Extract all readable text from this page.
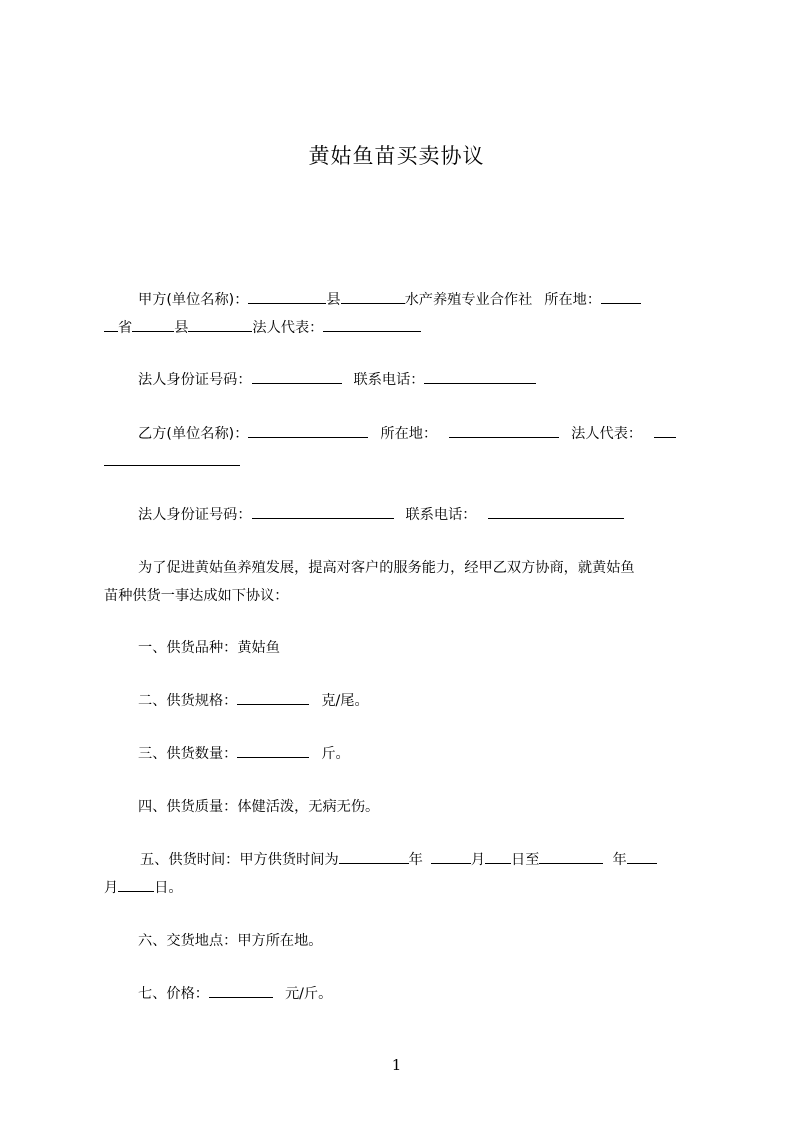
黄姑鱼苗买卖协议
甲方(单位名称)：	县	水产养殖专业合作社 所在地：
省	县	法人代表：
法人身份证号码：	联系电话：
乙方(单位名称)：	所在地：	法人代表：
法人身份证号码：	联系电话：
为了促进黄姑鱼养殖发展，提高对客户的服务能力，经甲乙双方协商，就黄姑鱼
苗种供货一事达成如下协议：
一、供货品种：黄姑鱼
二、供货规格：	克/尾。
三、供货数量：	斤。
四、供货质量：体健活泼，无病无伤。
五、供货时间：甲方供货时间为	年	月 日至	年
月	日。
六、交货地点：甲方所在地。
七、价格：	元/斤。
1
